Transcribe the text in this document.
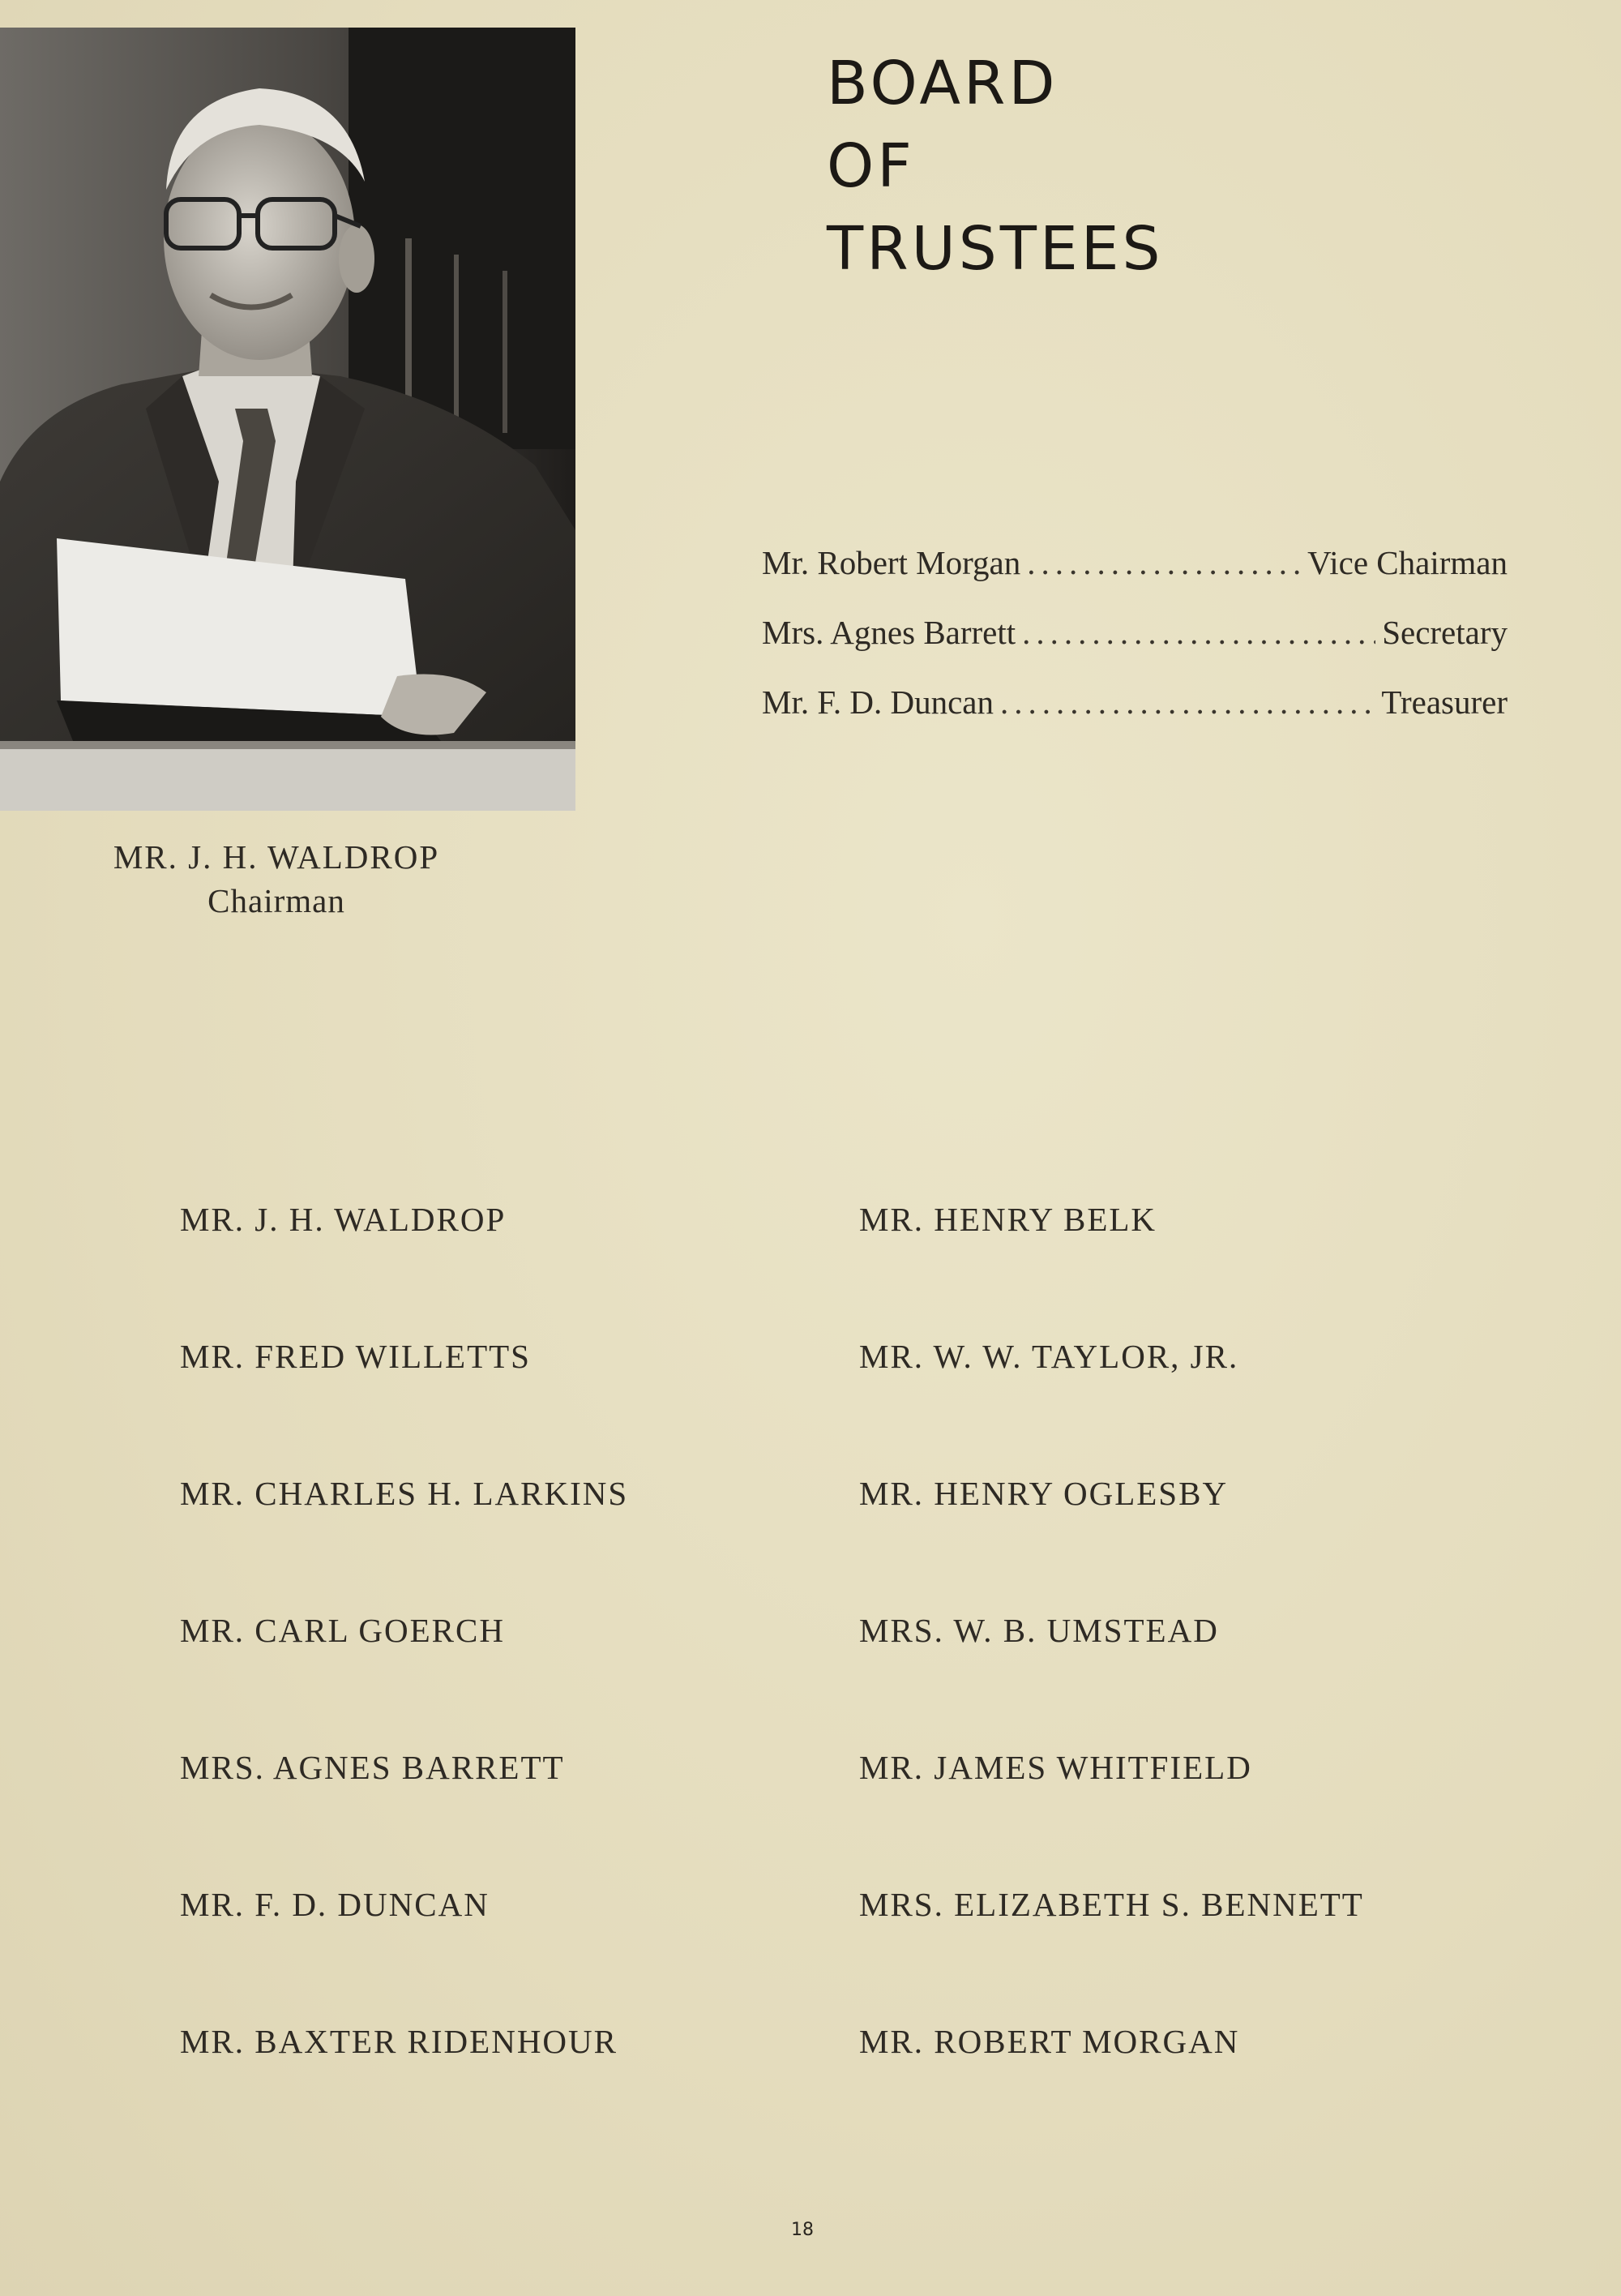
MR. J. H. WALDROP
Chairman
BOARD
OF
TRUSTEES
Mr. Robert Morgan .....	Vice Chairman
Mrs. Agnes Barrett .....	Secretary
Mr. F. D. Duncan .....	Treasurer
MR. J. H. WALDROP	MR. HENRY BELK
MR. FRED WILLETTS	MR. W. W. TAYLOR, JR.
MR. CHARLES H. LARKINS	MR. HENRY OGLESBY
MR. CARL GOERCH	MRS. W. B. UMSTEAD
MRS. AGNES BARRETT	MR. JAMES WHITFIELD
MR. F. D. DUNCAN	MRS. ELIZABETH S. BENNETT
MR. BAXTER RIDENHOUR	MR. ROBERT MORGAN
18
